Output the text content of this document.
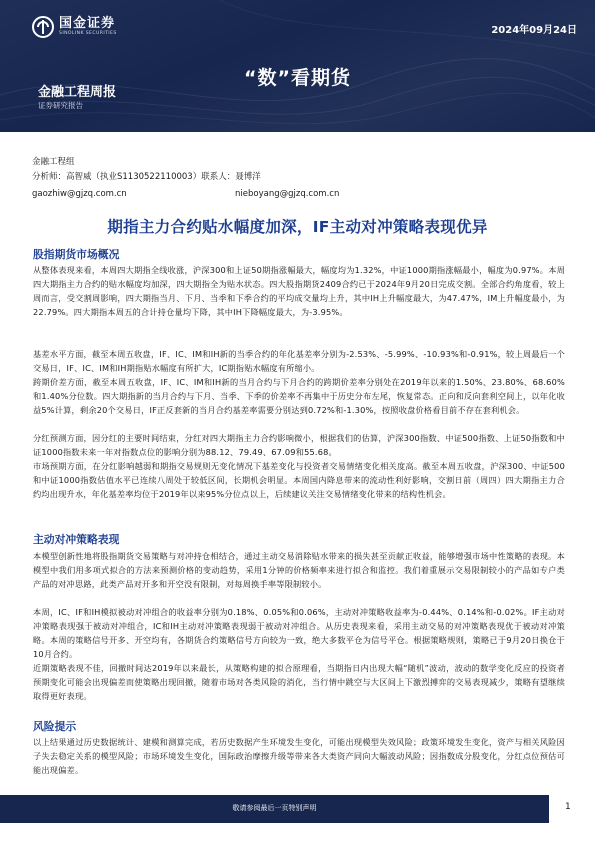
国金证券
SINOLINK SECURITIES	2024年09月24日
“数”看期货
金融工程周报
证券研究报告
金融工程组
分析师：高智威（执业S1130522110003）联系人：聂博洋
gaozhiw@gjzq.com.cn	nieboyang@gjzq.com.cn
期指主力合约贴水幅度加深，IF主动对冲策略表现优异
股指期货市场概况
从整体表现来看，本周四大期指全线收涨，沪深300和上证50期指涨幅最大，幅度均为1.32%，中证1000期指涨幅最小，幅度为0.97%。本周四大期指主力合约的贴水幅度均加深，四大期指全为贴水状态。四大股指期货2409合约已于2024年9月20日完成交割。全部合约角度看，较上周而言，受交割周影响，四大期指当月、下月、当季和下季合约的平均成交量均上升，其中IH上升幅度最大，为47.47%，IM上升幅度最小，为22.79%。四大期指本周五的合计持仓量均下降，其中IH下降幅度最大，为-3.95%。
基差水平方面，截至本周五收盘，IF、IC、IM和IH新的当季合约的年化基差率分别为-2.53%、-5.99%、-10.93%和-0.91%，较上周最后一个交易日，IF、IC、IM和IH期指贴水幅度有所扩大，IC期指贴水幅度有所缩小。
跨期价差方面，截至本周五收盘，IF、IC、IM和IH新的当月合约与下月合约的跨期价差率分别处在2019年以来的1.50%、23.80%、68.60%和1.40%分位数。四大期指新的当月合约与下月、当季、下季的价差率不再集中于历史分布左尾，恢复常态。正向和反向套利空间上，以年化收益5%计算，剩余20个交易日，IF正反套新的当月合约基差率需要分别达到0.72%和-1.30%，按照收盘价格看目前不存在套利机会。
分红预测方面，因分红的主要时间结束，分红对四大期指主力合约影响微小，根据我们的估算，沪深300指数、中证500指数、上证50指数和中证1000指数未来一年对指数点位的影响分别为88.12、79.49、67.09和55.68。
市场预期方面，在分红影响越弱和期指交易规则无变化情况下基差变化与投资者交易情绪变化相关度高。截至本周五收盘，沪深300、中证500和中证1000指数估值水平已连续八周处于较低区间，长期机会明显。本周国内降息带来的流动性利好影响，交割日前（周四）四大期指主力合约均出现升水，年化基差率均位于2019年以来95%分位点以上，后续建议关注交易情绪变化带来的结构性机会。
主动对冲策略表现
本模型创新性地将股指期货交易策略与对冲持仓相结合，通过主动交易消除贴水带来的损失甚至贡献正收益，能够增强市场中性策略的表现。本模型中我们用多项式拟合的方法来预测价格的变动趋势，采用1分钟的价格频率来进行拟合和监控。我们着重展示交易限制较小的产品如专户类产品的对冲思路，此类产品对开多和开空没有限制，对每周换手率等限制较小。
本周，IC、IF和IH模拟被动对冲组合的收益率分别为0.18%、0.05%和0.06%，主动对冲策略收益率为-0.44%、0.14%和-0.02%。IF主动对冲策略表现强于被动对冲组合，IC和IH主动对冲策略表现弱于被动对冲组合。从历史表现来看，采用主动交易的对冲策略表现优于被动对冲策略。本周的策略信号开多、开空均有，各期货合约策略信号方向较为一致，绝大多数平仓为信号平仓。根据策略规则，策略已于9月20日换仓于10月合约。
近期策略表现不佳，回撤时间达2019年以来最长，从策略构建的拟合原理看，当期指日内出现大幅“随机”波动，波动的数学变化反应的投资者预期变化可能会出现偏差而使策略出现回撤，随着市场对各类风险的消化，当行情中跳空与大区间上下激烈搏弈的交易表现减少，策略有望继续取得更好表现。
风险提示
以上结果通过历史数据统计、建模和测算完成，若历史数据产生环境发生变化，可能出现模型失效风险；政策环境发生变化，资产与相关风险因子失去稳定关系的模型风险；市场环境发生变化，国际政治摩擦升级等带来各大类资产同向大幅波动风险；因指数成分股变化，分红点位预估可能出现偏差。
敬请参阅最后一页特别声明	1
